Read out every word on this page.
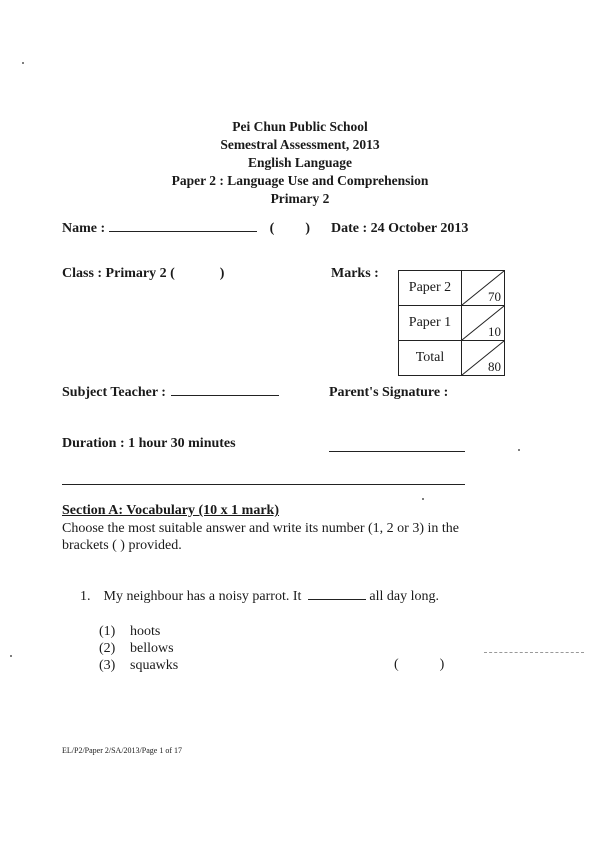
Pei Chun Public School
Semestral Assessment, 2013
English Language
Paper 2 : Language Use and Comprehension
Primary 2
Name :	( ) Date : 24 October 2013
Class : Primary 2 (	)	Marks :
Paper 2	70

Paper 1	10

Total	80
Subject Teacher :	Parent's Signature :
Duration : 1 hour 30 minutes
Section A: Vocabulary (10 x 1 mark)
Choose the most suitable answer and write its number (1, 2 or 3) in the brackets ( ) provided.
1. My neighbour has a noisy parrot. It	all day long.
(1) hoots
(2) bellows
(3) squawks	(	)
EL/P2/Paper 2/SA/2013/Page 1 of 17
